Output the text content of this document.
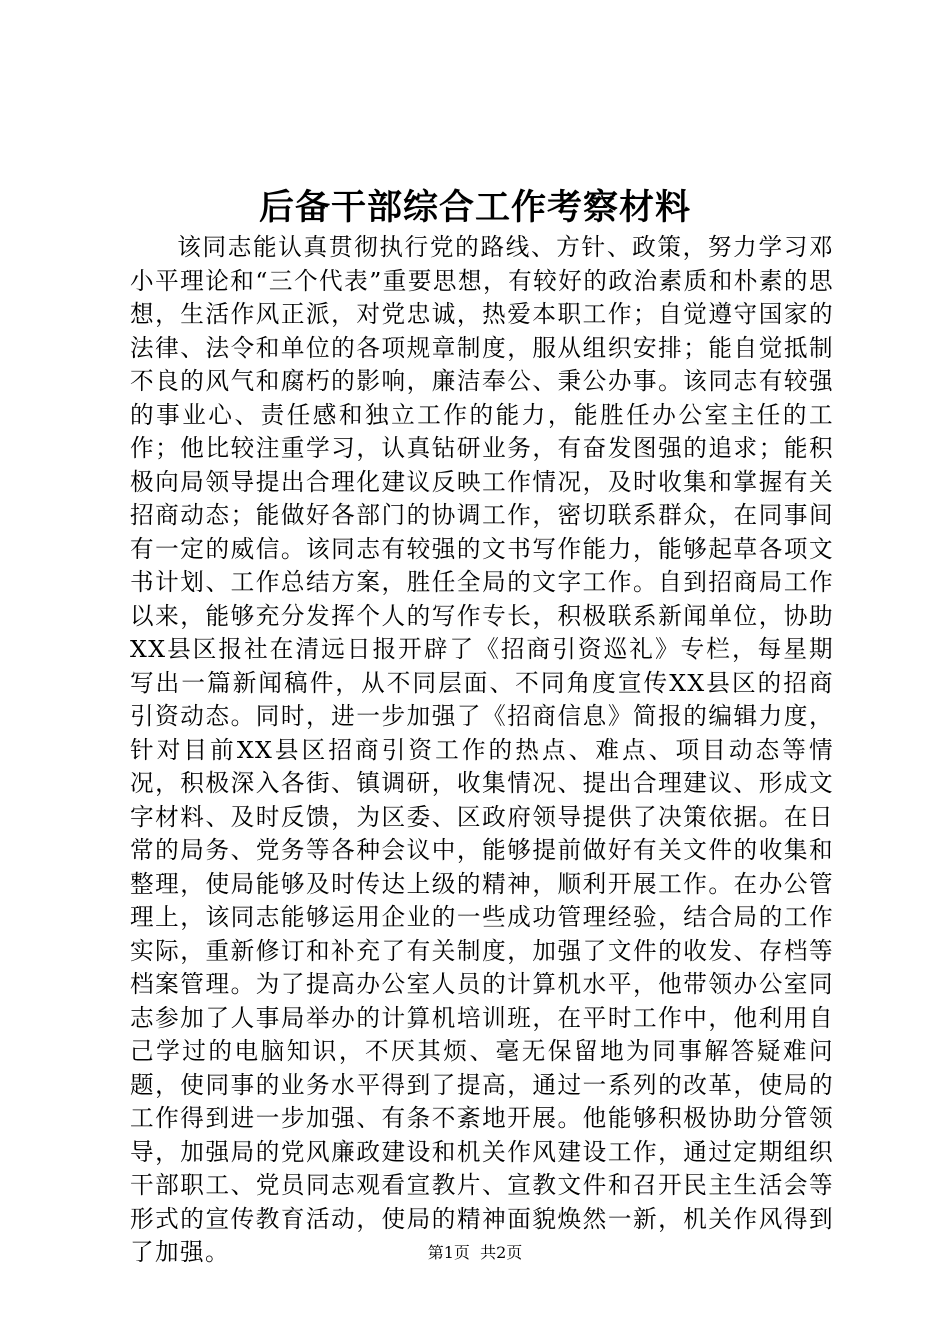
后备干部综合工作考察材料

该同志能认真贯彻执行党的路线、方针、政策，努力学习邓小平理论和“三个代表”重要思想，有较好的政治素质和朴素的思想，生活作风正派，对党忠诚，热爱本职工作；自觉遵守国家的法律、法令和单位的各项规章制度，服从组织安排；能自觉抵制不良的风气和腐朽的影响，廉洁奉公、秉公办事。该同志有较强的事业心、责任感和独立工作的能力，能胜任办公室主任的工作；他比较注重学习，认真钻研业务，有奋发图强的追求；能积极向局领导提出合理化建议反映工作情况，及时收集和掌握有关招商动态；能做好各部门的协调工作，密切联系群众，在同事间有一定的威信。该同志有较强的文书写作能力，能够起草各项文书计划、工作总结方案，胜任全局的文字工作。自到招商局工作以来，能够充分发挥个人的写作专长，积极联系新闻单位，协助XX县区报社在清远日报开辟了《招商引资巡礼》专栏，每星期写出一篇新闻稿件，从不同层面、不同角度宣传XX县区的招商引资动态。同时，进一步加强了《招商信息》简报的编辑力度，针对目前XX县区招商引资工作的热点、难点、项目动态等情况，积极深入各街、镇调研，收集情况、提出合理建议、形成文字材料、及时反馈，为区委、区政府领导提供了决策依据。在日常的局务、党务等各种会议中，能够提前做好有关文件的收集和整理，使局能够及时传达上级的精神，顺利开展工作。在办公管理上，该同志能够运用企业的一些成功管理经验，结合局的工作实际，重新修订和补充了有关制度，加强了文件的收发、存档等档案管理。为了提高办公室人员的计算机水平，他带领办公室同志参加了人事局举办的计算机培训班，在平时工作中，他利用自己学过的电脑知识，不厌其烦、毫无保留地为同事解答疑难问题，使同事的业务水平得到了提高，通过一系列的改革，使局的工作得到进一步加强、有条不紊地开展。他能够积极协助分管领导，加强局的党风廉政建设和机关作风建设工作，通过定期组织干部职工、党员同志观看宣教片、宣教文件和召开民主生活会等形式的宣传教育活动，使局的精神面貌焕然一新，机关作风得到了加强。	第1页  共2页
